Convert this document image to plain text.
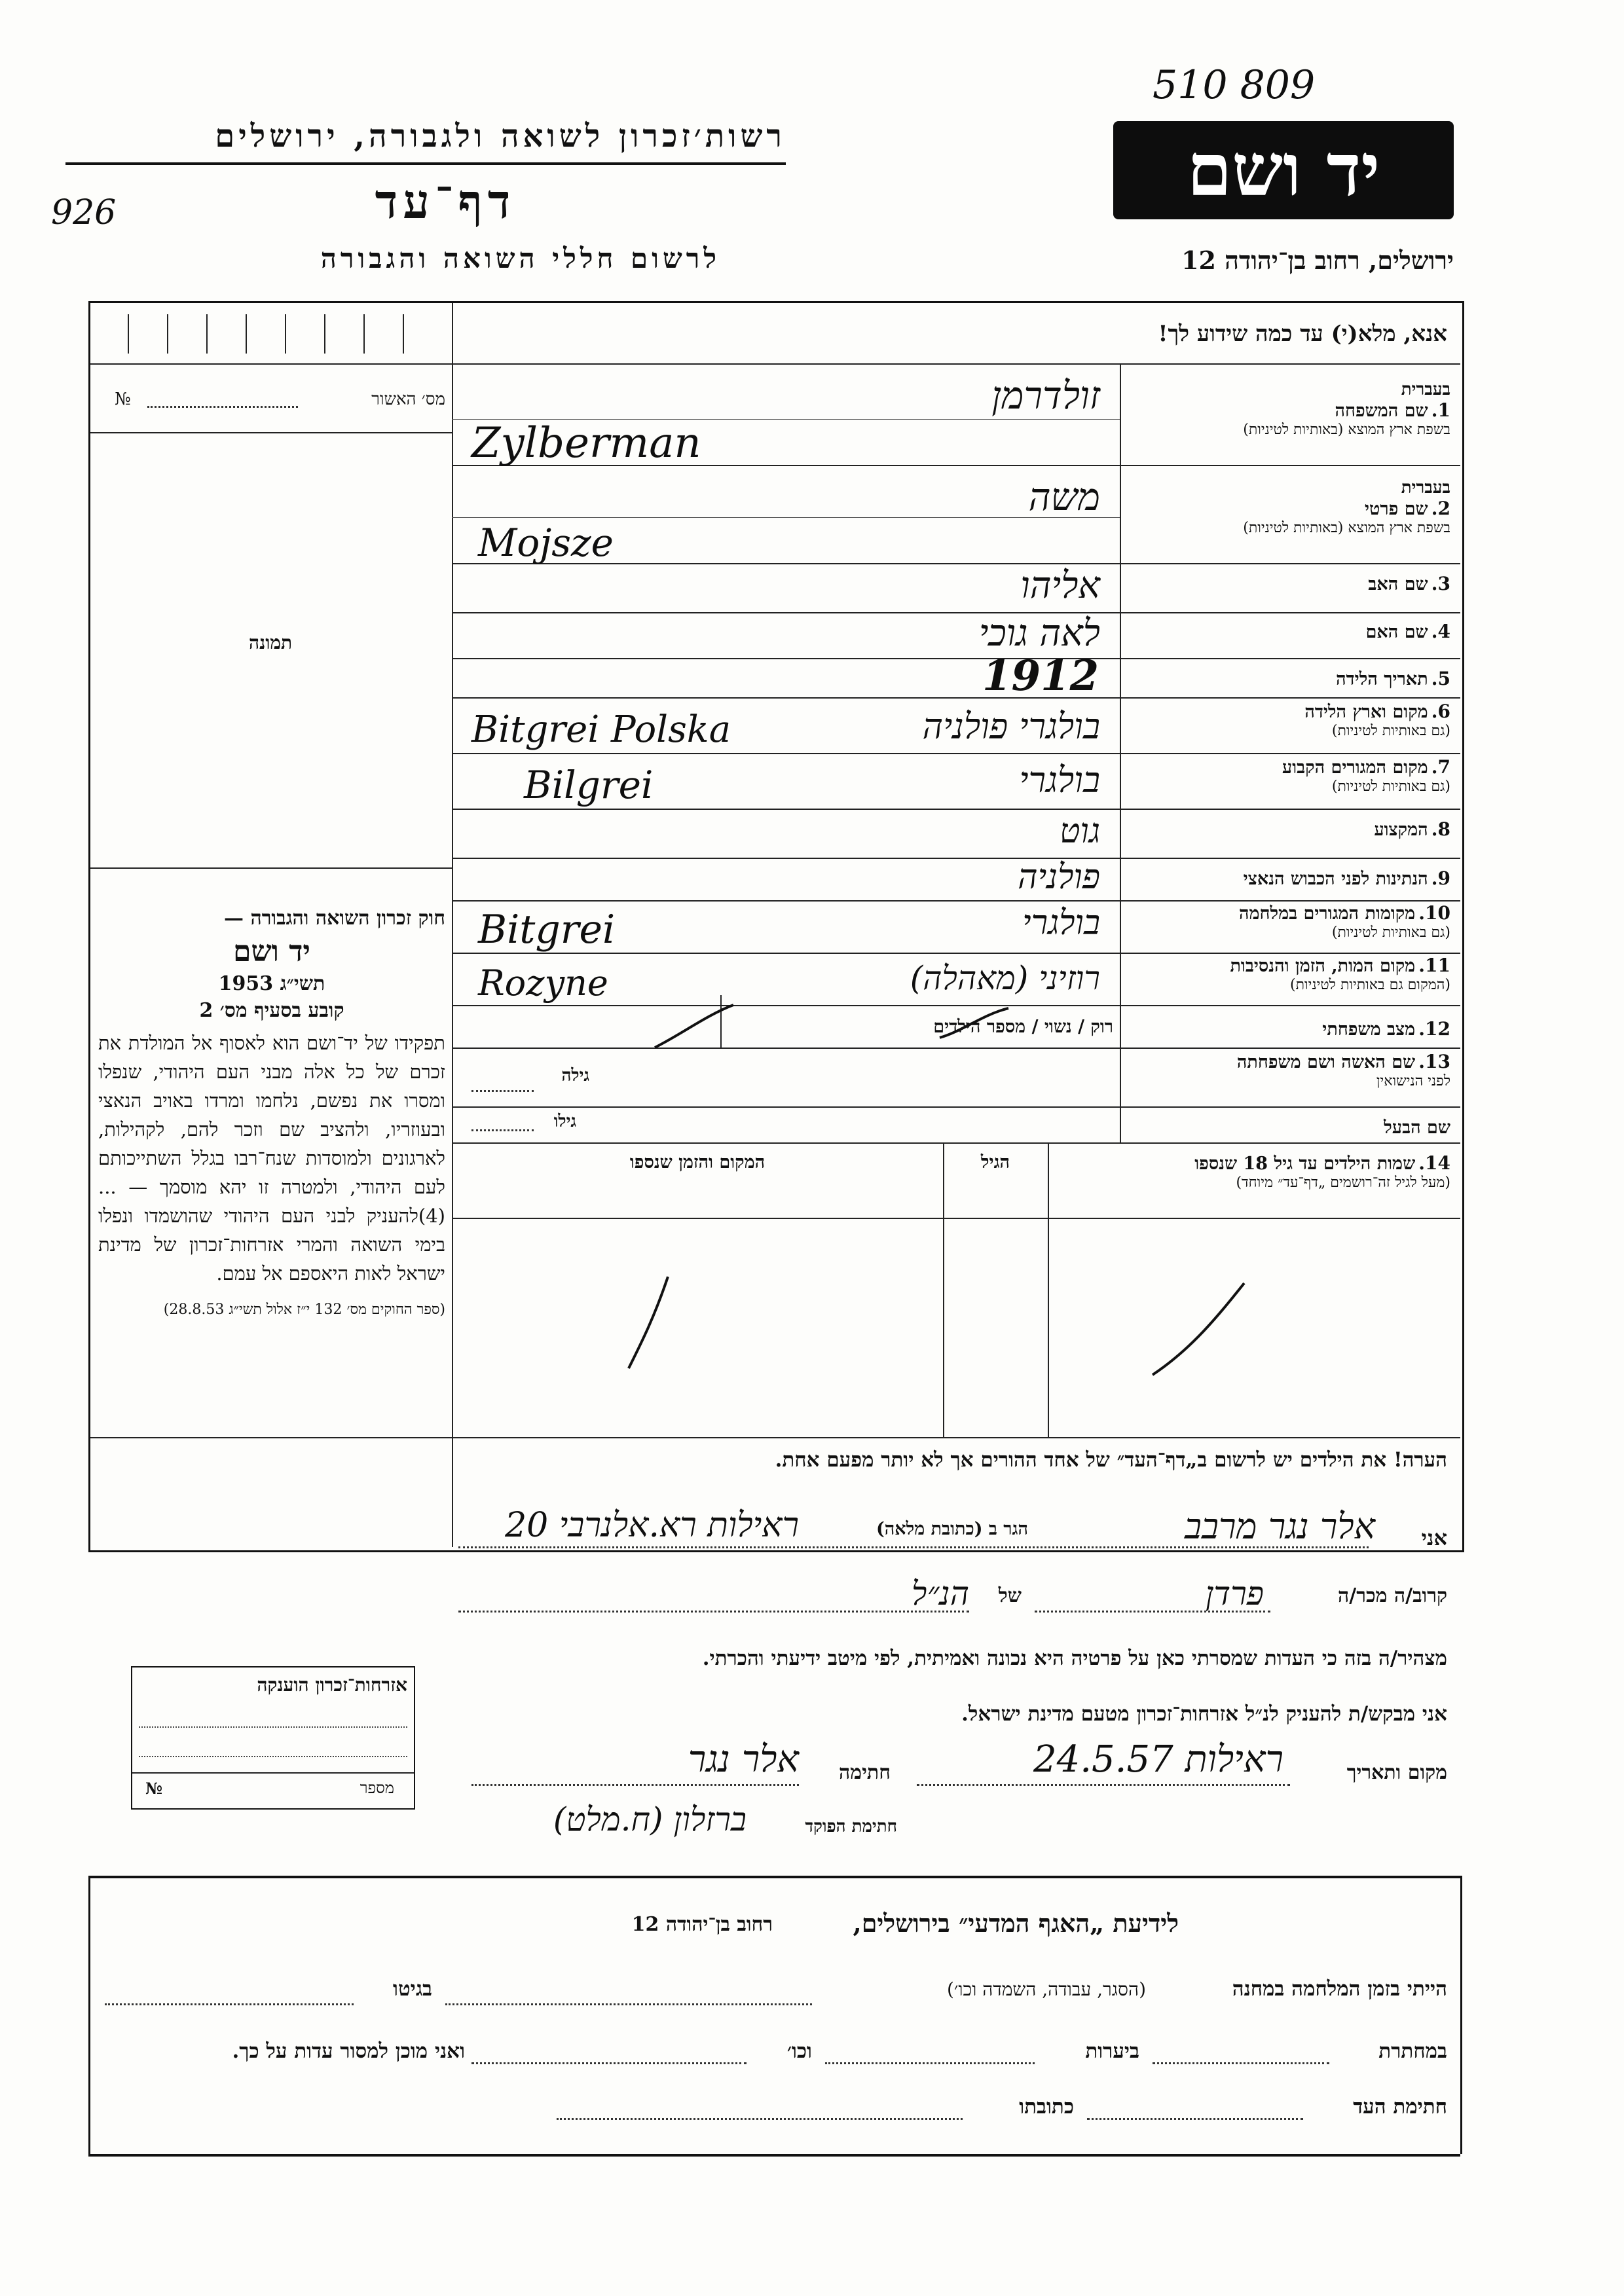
510 809
926
רשות׳זכרון לשואה ולגבורה, ירושלים	יד ושם
דף־עד
לרשום חללי השואה והגבורה	ירושלים, רחוב בן־יהודה 12
אנא, מלא(י) עד כמה שידוע לך!
מס׳ האשור
№
תמונה
חוק זכרון השואה והגבורה —
יד ושם
תשי״ג 1953
קובע בסעיף מס׳ 2
תפקידו של יד־ושם הוא לאסוף אל המולדת את זכרם של כל אלה מבני העם היהודי, שנפלו ומסרו את נפשם, נלחמו ומרדו באויב הנאצי ובעוזריו, ולהציב שם וזכר להם, לקהילות, לארגונים ולמוסדות שנח־רבו בגלל השתייכותם לעם היהודי, ולמטרה זו יהא מוסמך — ...(4)להעניק לבני העם היהודי שהושמדו ונפלו בימי השואה והמרי אזרחות־זכרון של מדינת ישראל לאות היאספם אל עמם.
(ספר החוקים מס׳ 132 י״ז אלול תשי״ג 28.8.53)
בעברית
1. שם המשפחה
בשפת ארץ המוצא (באותיות לטיניות)
זולדרמן
Zylberman
בעברית
2. שם פרטי
בשפת ארץ המוצא (באותיות לטיניות)
משה
Mojsze
3. שם האב
אליהו
4. שם האם
לאה גוכי
5. תאריך הלידה
1912
6. מקום וארץ הלידה
(גם באותיות לטיניות)
בולגרי פולניה
Bitgrei Polska
7. מקום המגורים הקבוע
(גם באותיות לטיניות)
בולגרי
Bilgrei
8. המקצוע
גוט
9. הנתינות לפני הכבוש הנאצי
פולניה
10. מקומות המגורים במלחמה
(גם באותיות לטיניות)
בולגרי
Bitgrei
11. מקום המות, הזמן והנסיבות
(המקום גם באותיות לטיניות)
רוזיני (מאהלה)
Rozyne
12. מצב משפחתי
רוק / נשוי / מספר הילדים
13. שם האשה ושם משפחתה
לפני הנישואין
גילה
שם הבעל
גילו
14. שמות הילדים עד גיל 18 שנספו
(מעל לגיל זה־רושמים „דף־עד״ מיוחד)
הגיל
המקום והזמן שנספו
הערה! את הילדים יש לרשום ב„דף־העד״ של אחד ההורים אך לא יותר מפעם אחת.
אני
אלר נגר מרבב
הגר ב (כתובת מלאה)
ראילות רא.אלנרבי 20
קרוב/ה מכר/ה
פרדן
של
הנ״ל
מצהיר/ה בזה כי העדות שמסרתי כאן על פרטיה היא נכונה ואמיתית, לפי מיטב ידיעתי והכרתי.
אני מבקש/ת להעניק לנ״ל אזרחות־זכרון מטעם מדינת ישראל.
מקום ותאריך
ראילות 24.5.57
חתימה
אלר נגר
חתימת הפוקד
ברזלון (ח.מלט)
אזרחות־זכרון הוענקה
מספר
№
לידיעת „האגף המדעי״ בירושלים,
רחוב בן־יהודה 12
הייתי בזמן המלחמה במחנה
(הסגר, עבודה, השמדה וכו׳)
בגיטו
במחתרת
ביערות
וכו׳
ואני מוכן למסור עדות על כך.
חתימת העד
כתובתו
